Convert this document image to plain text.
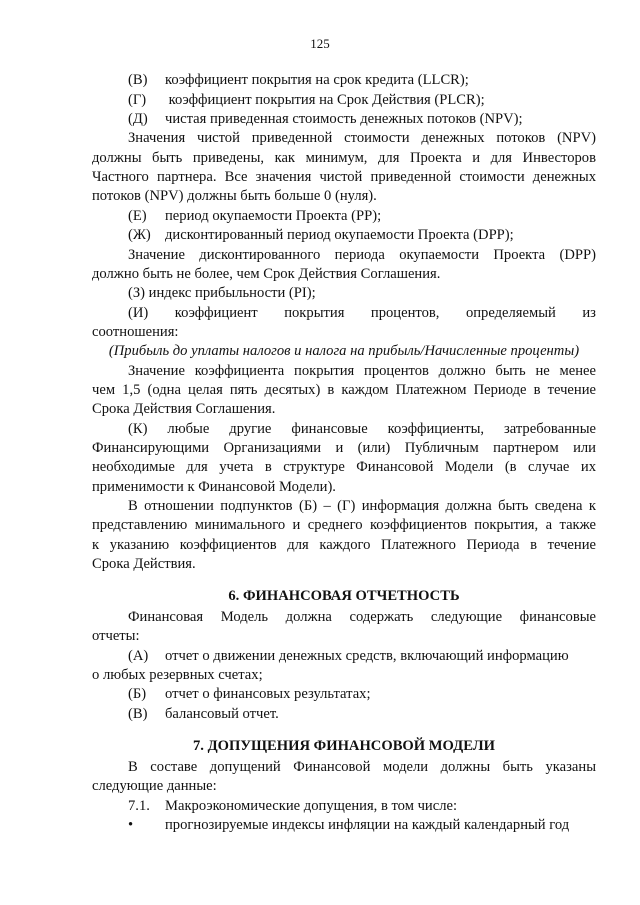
125
(В) коэффициент покрытия на срок кредита (LLCR);
(Г) коэффициент покрытия на Срок Действия (PLCR);
(Д) чистая приведенная стоимость денежных потоков (NPV);
Значения чистой приведенной стоимости денежных потоков (NPV)
должны быть приведены, как минимум, для Проекта и для Инвесторов
Частного партнера. Все значения чистой приведенной стоимости денежных
потоков (NPV) должны быть больше 0 (нуля).
(Е) период окупаемости Проекта (PP);
(Ж) дисконтированный период окупаемости Проекта (DPP);
Значение дисконтированного периода окупаемости Проекта (DPP)
должно быть не более, чем Срок Действия Соглашения.
(З) индекс прибыльности (PI);
(И) коэффициент покрытия процентов, определяемый из
соотношения:
(Прибыль до уплаты налогов и налога на прибыль/Начисленные проценты)
Значение коэффициента покрытия процентов должно быть не менее
чем 1,5 (одна целая пять десятых) в каждом Платежном Периоде в течение
Срока Действия Соглашения.
(К) любые другие финансовые коэффициенты, затребованные
Финансирующими Организациями и (или) Публичным партнером или
необходимые для учета в структуре Финансовой Модели (в случае их
применимости к Финансовой Модели).
В отношении подпунктов (Б) – (Г) информация должна быть сведена к
представлению минимального и среднего коэффициентов покрытия, а также
к указанию коэффициентов для каждого Платежного Периода в течение
Срока Действия.
6. ФИНАНСОВАЯ ОТЧЕТНОСТЬ
Финансовая Модель должна содержать следующие финансовые
отчеты:
(А) отчет о движении денежных средств, включающий информацию
о любых резервных счетах;
(Б) отчет о финансовых результатах;
(В) балансовый отчет.
7. ДОПУЩЕНИЯ ФИНАНСОВОЙ МОДЕЛИ
В составе допущений Финансовой модели должны быть указаны
следующие данные:
7.1. Макроэкономические допущения, в том числе:
• прогнозируемые индексы инфляции на каждый календарный год
